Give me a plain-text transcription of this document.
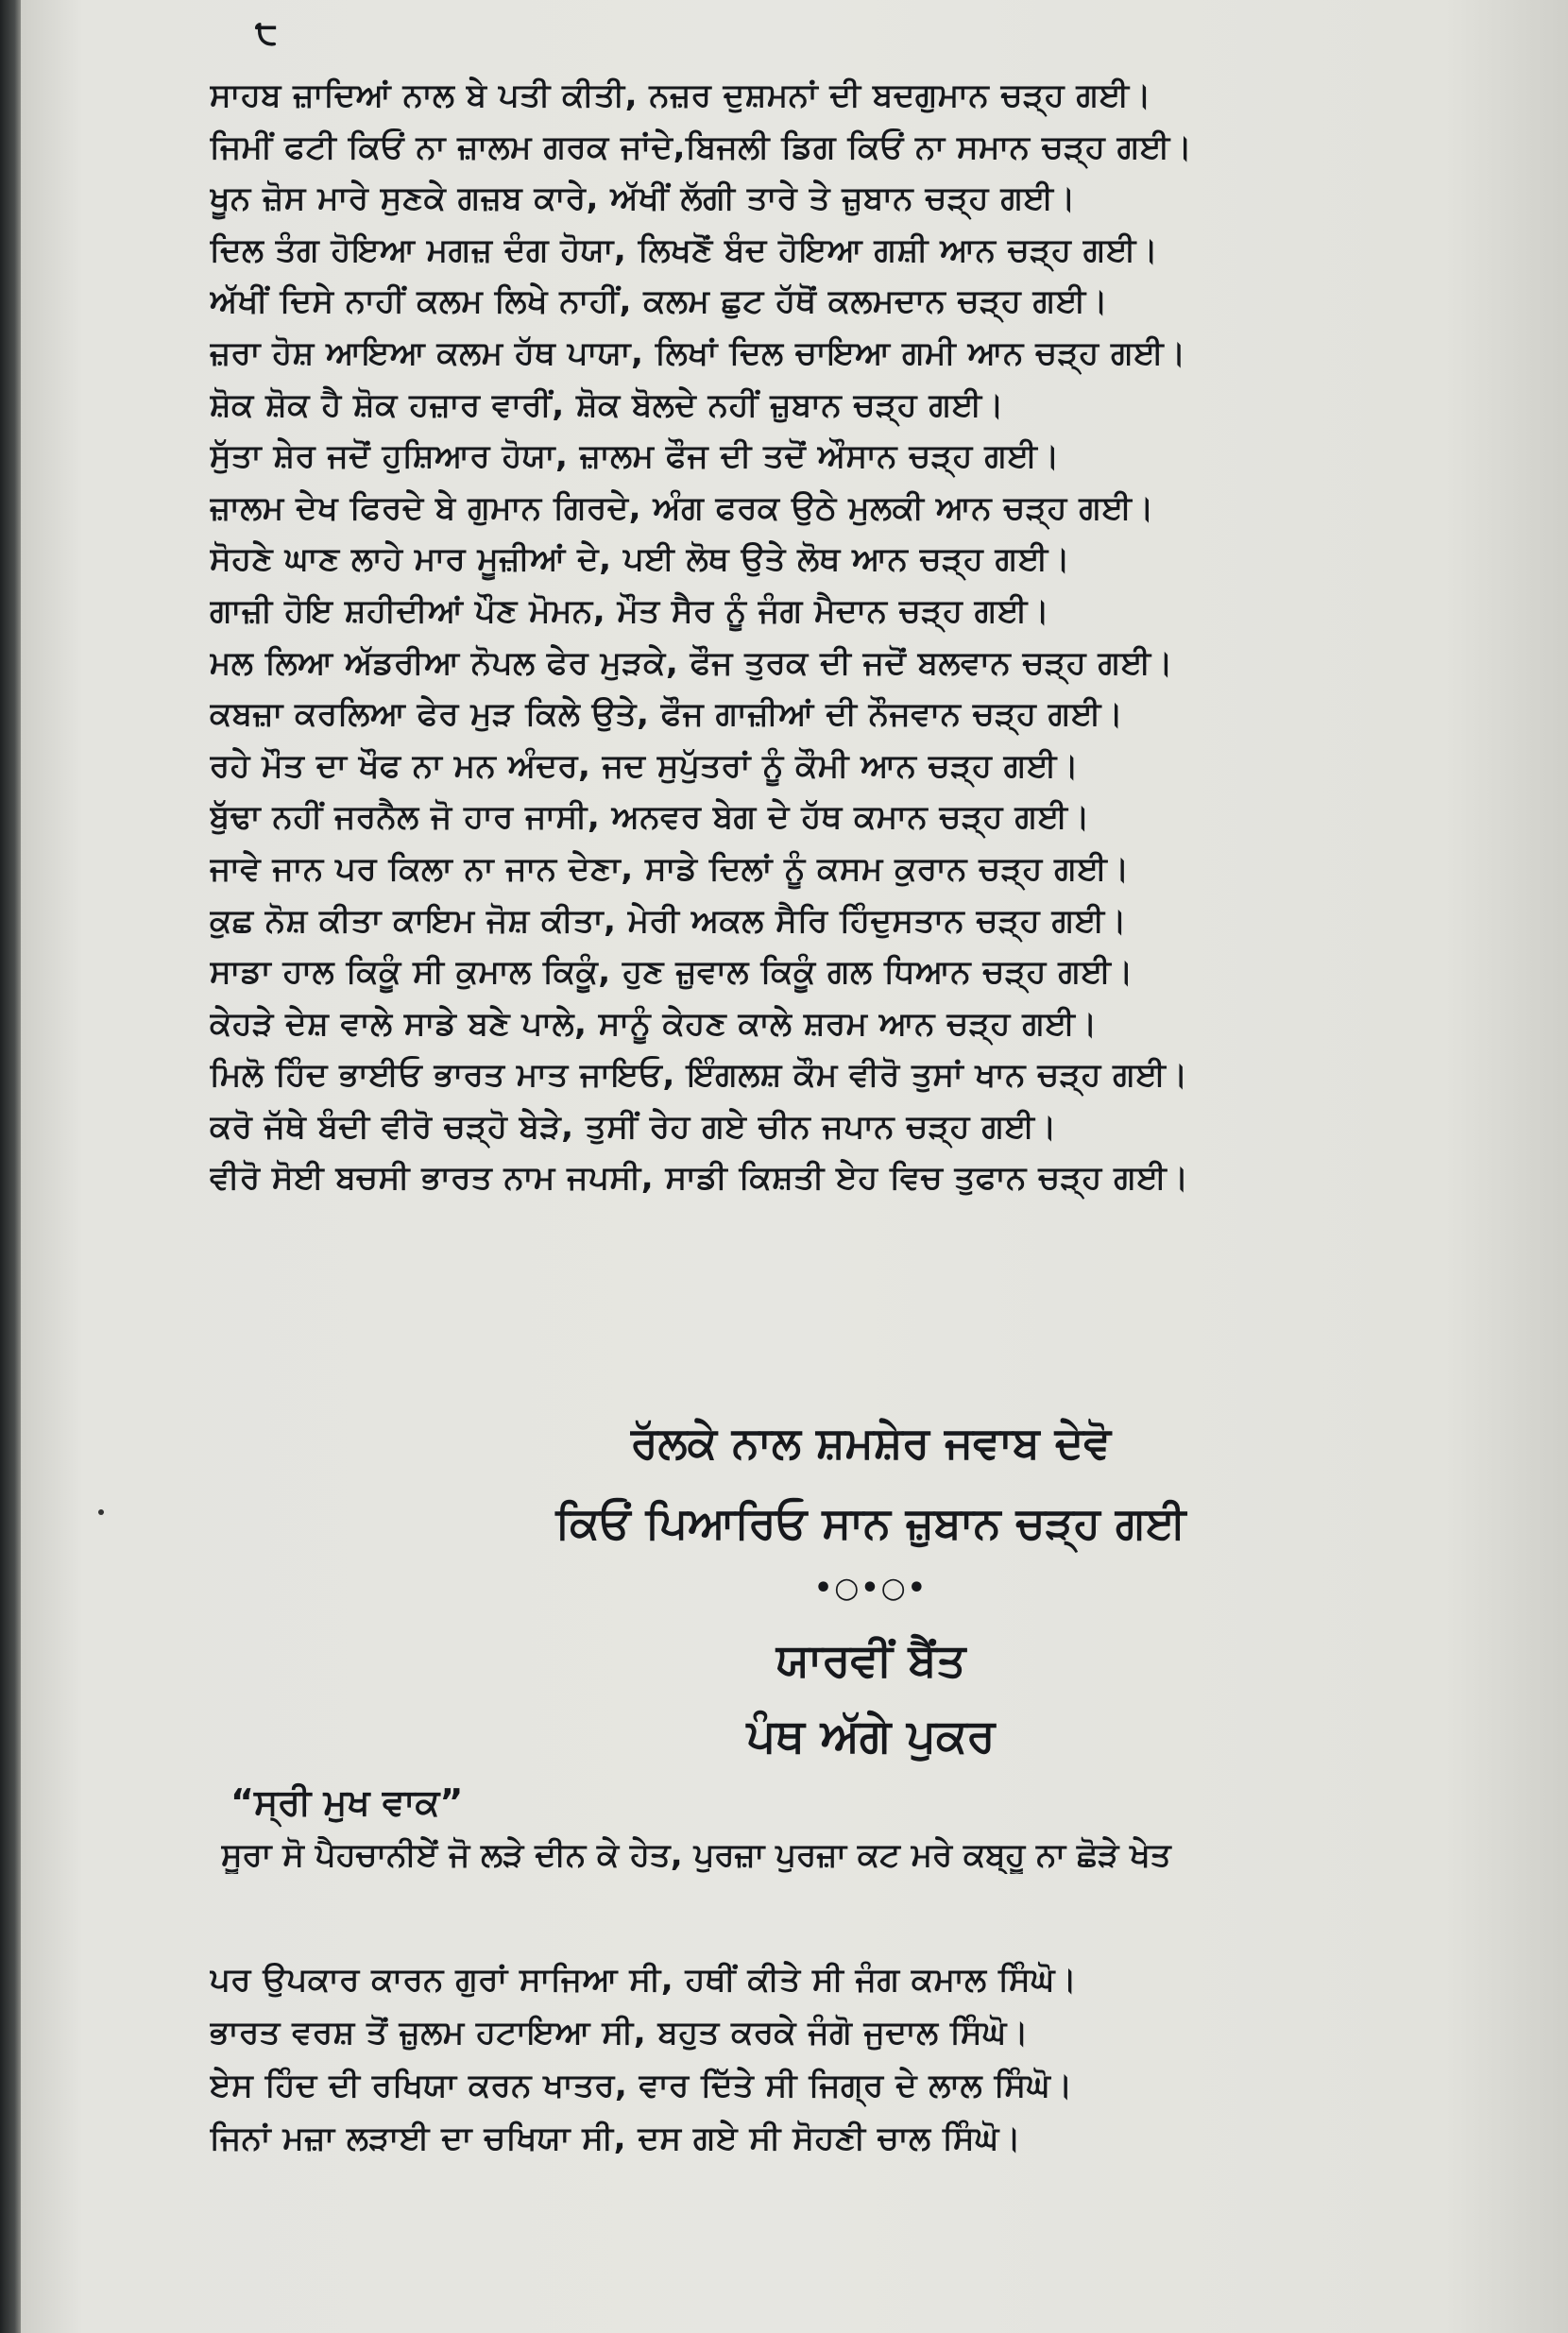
੮
ਸਾਹਬ ਜ਼ਾਦਿਆਂ ਨਾਲ ਬੇ ਪਤੀ ਕੀਤੀ, ਨਜ਼ਰ ਦੁਸ਼ਮਨਾਂ ਦੀ ਬਦਗੁਮਾਨ ਚੜ੍ਹ ਗਈ।
ਜਿਮੀਂ ਫਟੀ ਕਿਓਂ ਨਾ ਜ਼ਾਲਮ ਗਰਕ ਜਾਂਦੇ,ਬਿਜਲੀ ਡਿਗ ਕਿਓਂ ਨਾ ਸਮਾਨ ਚੜ੍ਹ ਗਈ।
ਖੂਨ ਜ਼ੋਸ ਮਾਰੇ ਸੁਣਕੇ ਗਜ਼ਬ ਕਾਰੇ, ਅੱਖੀਂ ਲੱਗੀ ਤਾਰੇ ਤੇ ਜ਼ੁਬਾਨ ਚੜ੍ਹ ਗਈ।
ਦਿਲ ਤੰਗ ਹੋਇਆ ਮਗਜ਼ ਦੰਗ ਹੋਯਾ, ਲਿਖਣੋਂ ਬੰਦ ਹੋਇਆ ਗਸ਼ੀ ਆਨ ਚੜ੍ਹ ਗਈ।
ਅੱਖੀਂ ਦਿਸੇ ਨਾਹੀਂ ਕਲਮ ਲਿਖੇ ਨਾਹੀਂ, ਕਲਮ ਛੁਟ ਹੱਥੋਂ ਕਲਮਦਾਨ ਚੜ੍ਹ ਗਈ।
ਜ਼ਰਾ ਹੋਸ਼ ਆਇਆ ਕਲਮ ਹੱਥ ਪਾਯਾ, ਲਿਖਾਂ ਦਿਲ ਚਾਇਆ ਗਮੀ ਆਨ ਚੜ੍ਹ ਗਈ।
ਸ਼ੋਕ ਸ਼ੋਕ ਹੈ ਸ਼ੋਕ ਹਜ਼ਾਰ ਵਾਰੀਂ, ਸ਼ੋਕ ਬੋਲਦੇ ਨਹੀਂ ਜ਼ੁਬਾਨ ਚੜ੍ਹ ਗਈ।
ਸੁੱਤਾ ਸ਼ੇਰ ਜਦੋਂ ਹੁਸ਼ਿਆਰ ਹੋਯਾ, ਜ਼ਾਲਮ ਫੌਜ ਦੀ ਤਦੋਂ ਔਸਾਨ ਚੜ੍ਹ ਗਈ।
ਜ਼ਾਲਮ ਦੇਖ ਫਿਰਦੇ ਬੇ ਗੁਮਾਨ ਗਿਰਦੇ, ਅੰਗ ਫਰਕ ਉਠੇ ਮੁਲਕੀ ਆਨ ਚੜ੍ਹ ਗਈ।
ਸੋਹਣੇ ਘਾਣ ਲਾਹੇ ਮਾਰ ਮੂਜ਼ੀਆਂ ਦੇ, ਪਈ ਲੋਥ ਉਤੇ ਲੋਥ ਆਨ ਚੜ੍ਹ ਗਈ।
ਗਾਜ਼ੀ ਹੋਇ ਸ਼ਹੀਦੀਆਂ ਪੌਣ ਮੋਮਨ, ਮੌਤ ਸੈਰ ਨੂੰ ਜੰਗ ਮੈਦਾਨ ਚੜ੍ਹ ਗਈ।
ਮਲ ਲਿਆ ਅੱਡਰੀਆ ਨੋਪਲ ਫੇਰ ਮੁੜਕੇ, ਫੌਜ ਤੁਰਕ ਦੀ ਜਦੋਂ ਬਲਵਾਨ ਚੜ੍ਹ ਗਈ।
ਕਬਜ਼ਾ ਕਰਲਿਆ ਫੇਰ ਮੁੜ ਕਿਲੇ ਉਤੇ, ਫੌਜ ਗਾਜ਼ੀਆਂ ਦੀ ਨੌਜਵਾਨ ਚੜ੍ਹ ਗਈ।
ਰਹੇ ਮੌਤ ਦਾ ਖੌਫ ਨਾ ਮਨ ਅੰਦਰ, ਜਦ ਸੁਪੁੱਤਰਾਂ ਨੂੰ ਕੌਮੀ ਆਨ ਚੜ੍ਹ ਗਈ।
ਬੁੱਢਾ ਨਹੀਂ ਜਰਨੈਲ ਜੋ ਹਾਰ ਜਾਸੀ, ਅਨਵਰ ਬੇਗ ਦੇ ਹੱਥ ਕਮਾਨ ਚੜ੍ਹ ਗਈ।
ਜਾਵੇ ਜਾਨ ਪਰ ਕਿਲਾ ਨਾ ਜਾਨ ਦੇਣਾ, ਸਾਡੇ ਦਿਲਾਂ ਨੂੰ ਕਸਮ ਕੁਰਾਨ ਚੜ੍ਹ ਗਈ।
ਕੁਛ ਨੋਸ਼ ਕੀਤਾ ਕਾਇਮ ਜੋਸ਼ ਕੀਤਾ, ਮੇਰੀ ਅਕਲ ਸੈਰਿ ਹਿੰਦੁਸਤਾਨ ਚੜ੍ਹ ਗਈ।
ਸਾਡਾ ਹਾਲ ਕਿਕੂੰ ਸੀ ਕੁਮਾਲ ਕਿਕੂੰ, ਹੁਣ ਜ਼ੁਵਾਲ ਕਿਕੂੰ ਗਲ ਧਿਆਨ ਚੜ੍ਹ ਗਈ।
ਕੇਹੜੇ ਦੇਸ਼ ਵਾਲੇ ਸਾਡੇ ਬਣੇ ਪਾਲੇ, ਸਾਨੂੰ ਕੇਹਣ ਕਾਲੇ ਸ਼ਰਮ ਆਨ ਚੜ੍ਹ ਗਈ।
ਮਿਲੋ ਹਿੰਦ ਭਾਈਓ ਭਾਰਤ ਮਾਤ ਜਾਇਓ, ਇੰਗਲਸ਼ ਕੌਮ ਵੀਰੋ ਤੁਸਾਂ ਖਾਨ ਚੜ੍ਹ ਗਈ।
ਕਰੋ ਜੱਥੇ ਬੰਦੀ ਵੀਰੋ ਚੜ੍ਹੋ ਬੇੜੇ, ਤੁਸੀਂ ਰੇਹ ਗਏ ਚੀਨ ਜਪਾਨ ਚੜ੍ਹ ਗਈ।
ਵੀਰੋ ਸੋਈ ਬਚਸੀ ਭਾਰਤ ਨਾਮ ਜਪਸੀ, ਸਾਡੀ ਕਿਸ਼ਤੀ ਏਹ ਵਿਚ ਤੁਫਾਨ ਚੜ੍ਹ ਗਈ।
ਰੱਲਕੇ ਨਾਲ ਸ਼ਮਸ਼ੇਰ ਜਵਾਬ ਦੇਵੋ
ਕਿਓਂ ਪਿਆਰਿਓ ਸਾਨ ਜ਼ੁਬਾਨ ਚੜ੍ਹ ਗਈ
•○•○•
ਯਾਰਵੀਂ ਬੈਂਤ
ਪੰਥ ਅੱਗੇ ਪੁਕਰ
“ਸ੍ਰੀ ਮੁਖ ਵਾਕ”
ਸੂਰਾ ਸੋ ਪੈਹਚਾਨੀਏਂ ਜੋ ਲੜੇ ਦੀਨ ਕੇ ਹੇਤ, ਪੁਰਜ਼ਾ ਪੁਰਜ਼ਾ ਕਟ ਮਰੇ ਕਬ੍ਹੂ ਨਾ ਛੋੜੇ ਖੇਤ
ਪਰ ਉਪਕਾਰ ਕਾਰਨ ਗੁਰਾਂ ਸਾਜਿਆ ਸੀ, ਹਥੀਂ ਕੀਤੇ ਸੀ ਜੰਗ ਕਮਾਲ ਸਿੰਘੋ।
ਭਾਰਤ ਵਰਸ਼ ਤੋਂ ਜ਼ੁਲਮ ਹਟਾਇਆ ਸੀ, ਬਹੁਤ ਕਰਕੇ ਜੰਗੋ ਜੁਦਾਲ ਸਿੰਘੋ।
ਏਸ ਹਿੰਦ ਦੀ ਰਖਿਯਾ ਕਰਨ ਖਾਤਰ, ਵਾਰ ਦਿੱਤੇ ਸੀ ਜਿਗ੍ਰ ਦੇ ਲਾਲ ਸਿੰਘੋ।
ਜਿਨਾਂ ਮਜ਼ਾ ਲੜਾਈ ਦਾ ਚਖਿਯਾ ਸੀ, ਦਸ ਗਏ ਸੀ ਸੋਹਣੀ ਚਾਲ ਸਿੰਘੋ।
